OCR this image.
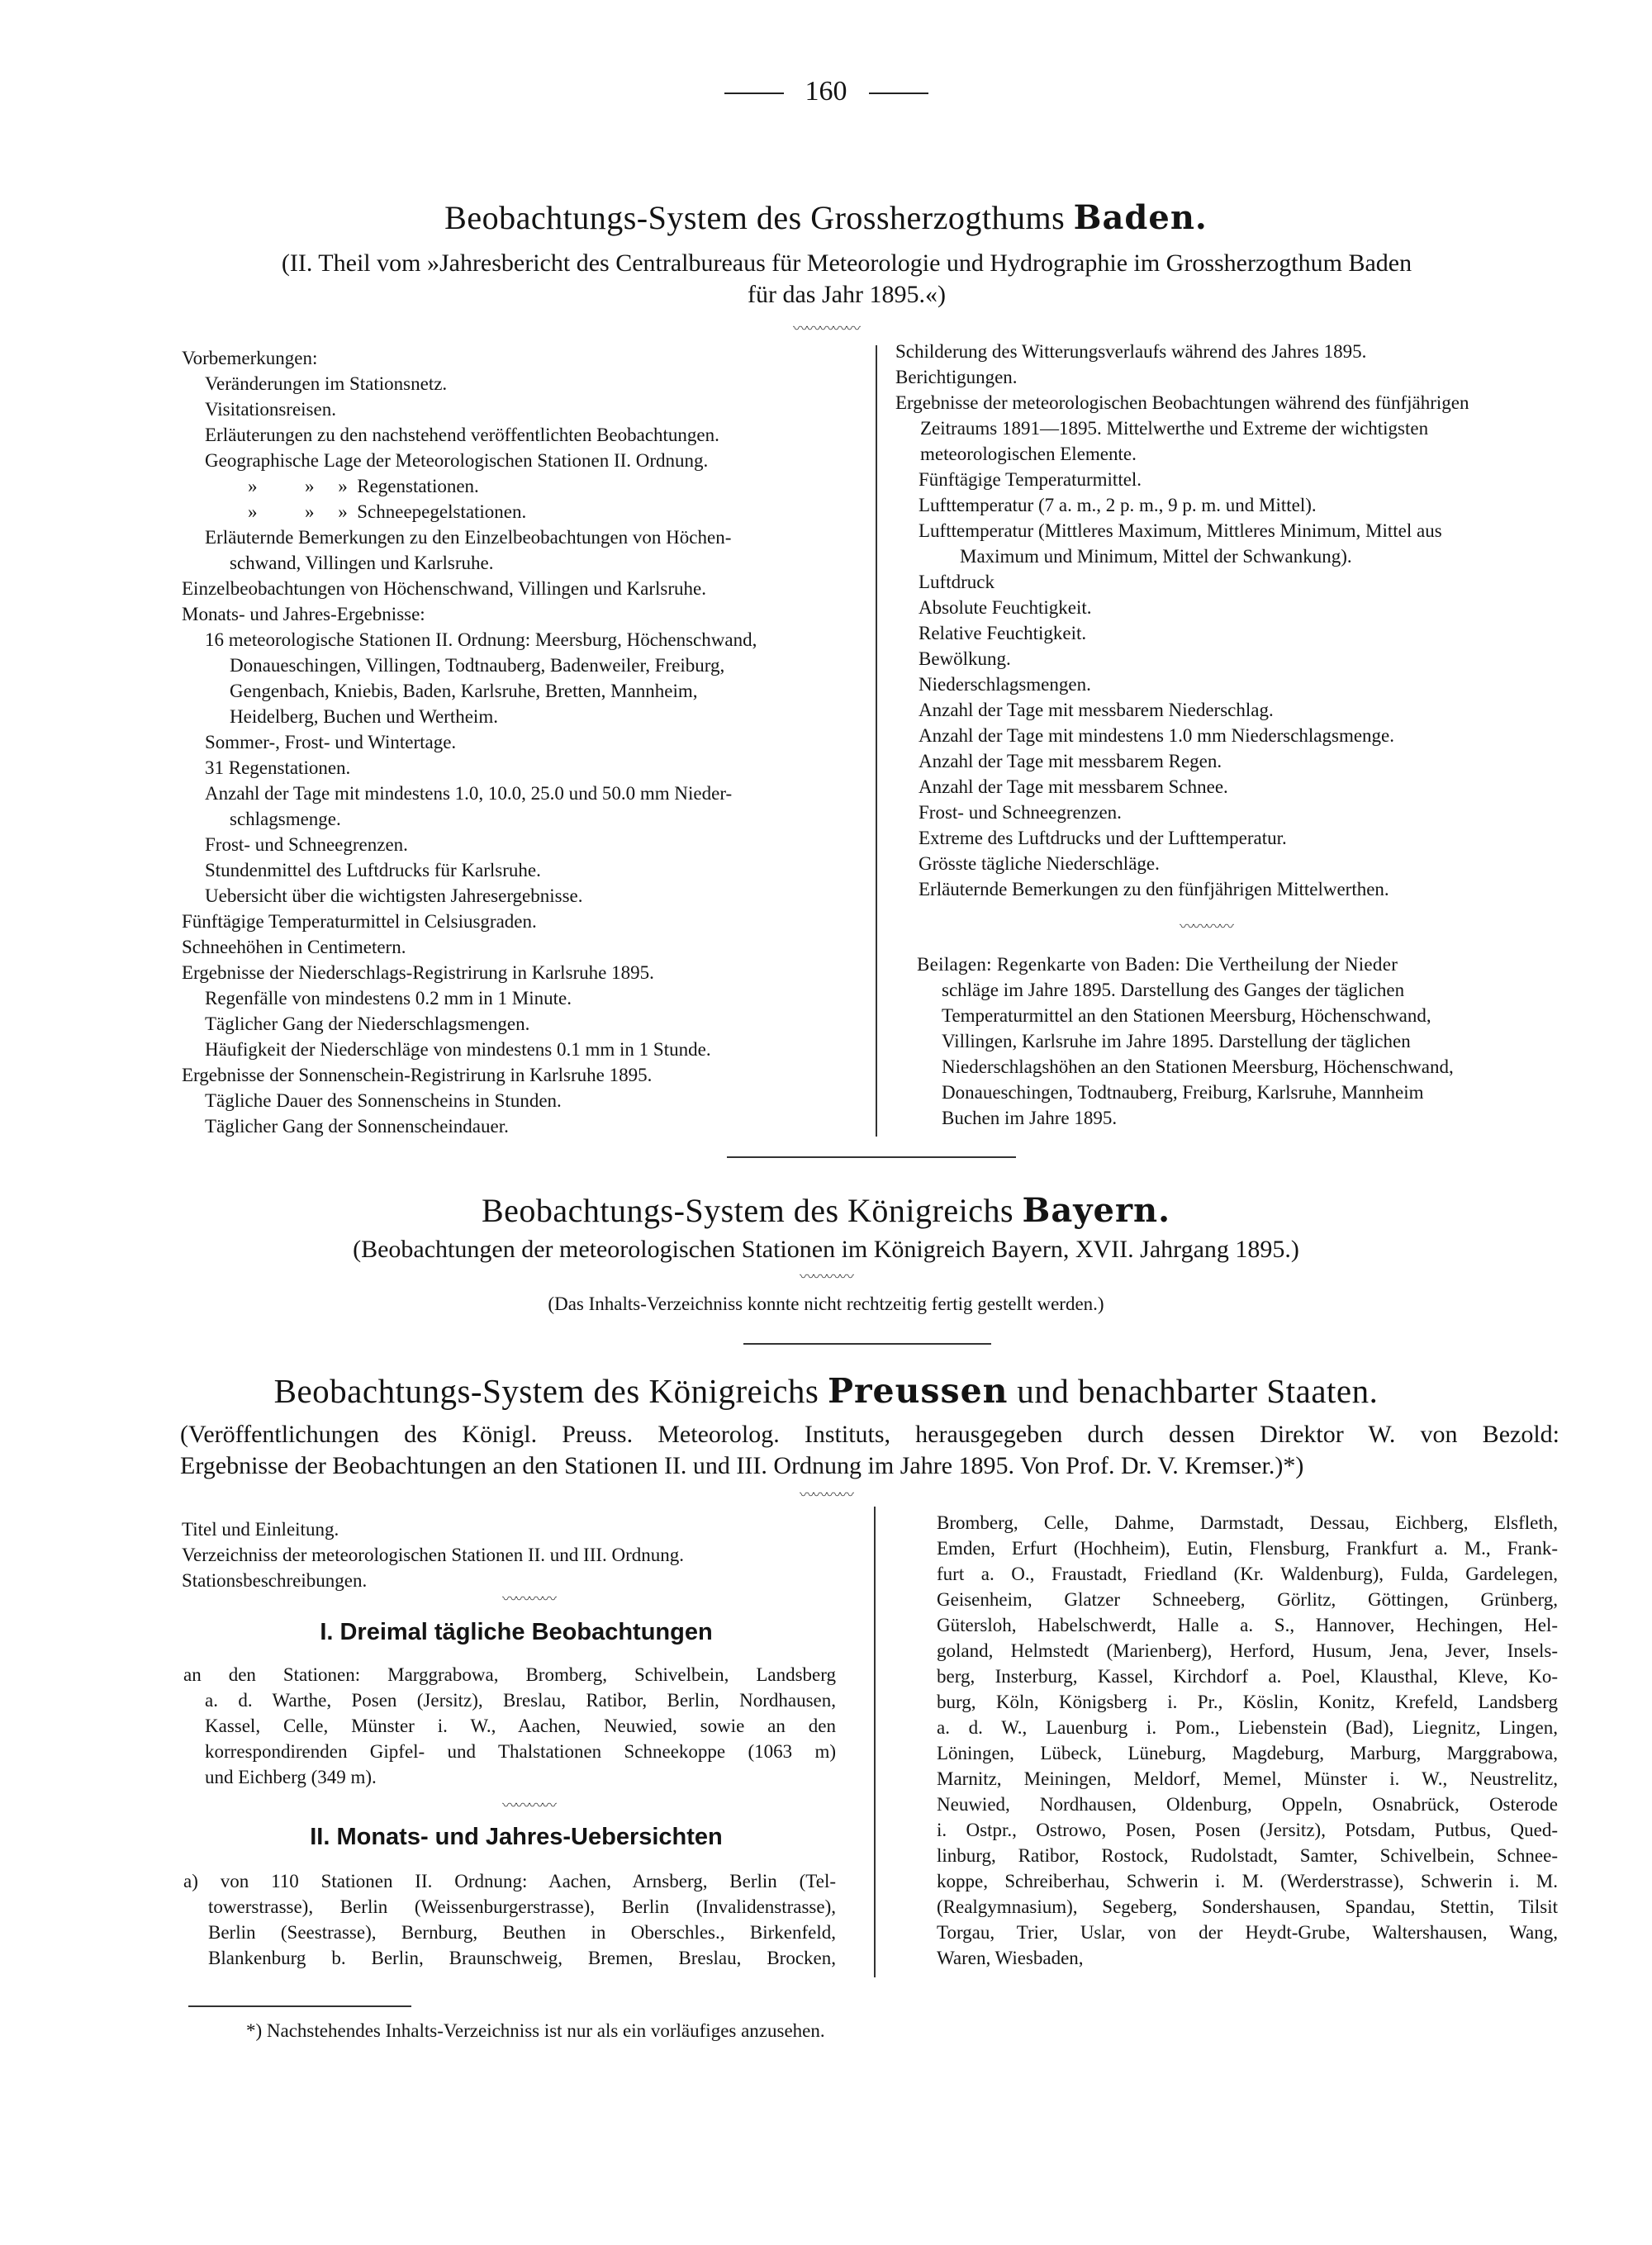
160
Beobachtungs-System des Grossherzogthums Baden.
(II. Theil vom »Jahresbericht des Centralbureaus für Meteorologie und Hydrographie im Grossherzogthum Baden
für das Jahr 1895.«)
〰〰〰〰〰
Vorbemerkungen:
Veränderungen im Stationsnetz.
Visitationsreisen.
Erläuterungen zu den nachstehend veröffentlichten Beobachtungen.
Geographische Lage der Meteorologischen Stationen II. Ordnung.
»          »     »  Regenstationen.
»          »     »  Schneepegelstationen.
Erläuternde Bemerkungen zu den Einzelbeobachtungen von Höchen-
schwand, Villingen und Karlsruhe.
Einzelbeobachtungen von Höchenschwand, Villingen und Karlsruhe.
Monats- und Jahres-Ergebnisse:
16 meteorologische Stationen II. Ordnung: Meersburg, Höchenschwand,
Donaueschingen, Villingen, Todtnauberg, Badenweiler, Freiburg,
Gengenbach, Kniebis, Baden, Karlsruhe, Bretten, Mannheim,
Heidelberg, Buchen und Wertheim.
Sommer-, Frost- und Wintertage.
31 Regenstationen.
Anzahl der Tage mit mindestens 1.0, 10.0, 25.0 und 50.0 mm Nieder-
schlagsmenge.
Frost- und Schneegrenzen.
Stundenmittel des Luftdrucks für Karlsruhe.
Uebersicht über die wichtigsten Jahresergebnisse.
Fünftägige Temperaturmittel in Celsiusgraden.
Schneehöhen in Centimetern.
Ergebnisse der Niederschlags-Registrirung in Karlsruhe 1895.
Regenfälle von mindestens 0.2 mm in 1 Minute.
Täglicher Gang der Niederschlagsmengen.
Häufigkeit der Niederschläge von mindestens 0.1 mm in 1 Stunde.
Ergebnisse der Sonnenschein-Registrirung in Karlsruhe 1895.
Tägliche Dauer des Sonnenscheins in Stunden.
Täglicher Gang der Sonnenscheindauer.
Schilderung des Witterungsverlaufs während des Jahres 1895.
Berichtigungen.
Ergebnisse der meteorologischen Beobachtungen während des fünfjährigen
Zeitraums 1891—1895. Mittelwerthe und Extreme der wichtigsten
meteorologischen Elemente.
Fünftägige Temperaturmittel.
Lufttemperatur (7 a. m., 2 p. m., 9 p. m. und Mittel).
Lufttemperatur (Mittleres Maximum, Mittleres Minimum, Mittel aus
Maximum und Minimum, Mittel der Schwankung).
Luftdruck
Absolute Feuchtigkeit.
Relative Feuchtigkeit.
Bewölkung.
Niederschlagsmengen.
Anzahl der Tage mit messbarem Niederschlag.
Anzahl der Tage mit mindestens 1.0 mm Niederschlagsmenge.
Anzahl der Tage mit messbarem Regen.
Anzahl der Tage mit messbarem Schnee.
Frost- und Schneegrenzen.
Extreme des Luftdrucks und der Lufttemperatur.
Grösste tägliche Niederschläge.
Erläuternde Bemerkungen zu den fünfjährigen Mittelwerthen.
〰〰〰〰
Beilagen: Regenkarte von Baden: Die Vertheilung der Nieder
schläge im Jahre 1895. Darstellung des Ganges der täglichen
Temperaturmittel an den Stationen Meersburg, Höchenschwand,
Villingen, Karlsruhe im Jahre 1895. Darstellung der täglichen
Niederschlagshöhen an den Stationen Meersburg, Höchenschwand,
Donaueschingen, Todtnauberg, Freiburg, Karlsruhe, Mannheim
Buchen im Jahre 1895.
Beobachtungs-System des Königreichs Bayern.
(Beobachtungen der meteorologischen Stationen im Königreich Bayern, XVII. Jahrgang 1895.)
〰〰〰〰
(Das Inhalts-Verzeichniss konnte nicht rechtzeitig fertig gestellt werden.)
Beobachtungs-System des Königreichs Preussen und benachbarter Staaten.
(Veröffentlichungen des Königl. Preuss. Meteorolog. Instituts, herausgegeben durch dessen Direktor W. von Bezold:
Ergebnisse der Beobachtungen an den Stationen II. und III. Ordnung im Jahre 1895. Von Prof. Dr. V. Kremser.)*)
〰〰〰〰
Titel und Einleitung.
Verzeichniss der meteorologischen Stationen II. und III. Ordnung.
Stationsbeschreibungen.
〰〰〰〰
I. Dreimal tägliche Beobachtungen
an den Stationen: Marggrabowa, Bromberg, Schivelbein, Landsberg
a. d. Warthe, Posen (Jersitz), Breslau, Ratibor, Berlin, Nordhausen,
Kassel, Celle, Münster i. W., Aachen, Neuwied, sowie an den
korrespondirenden Gipfel- und Thalstationen Schneekoppe (1063 m)
und Eichberg (349 m).
〰〰〰〰
II. Monats- und Jahres-Uebersichten
a) von 110 Stationen II. Ordnung: Aachen, Arnsberg, Berlin (Tel-
towerstrasse), Berlin (Weissenburgerstrasse), Berlin (Invalidenstrasse),
Berlin (Seestrasse), Bernburg, Beuthen in Oberschles., Birkenfeld,
Blankenburg b. Berlin, Braunschweig, Bremen, Breslau, Brocken,
Bromberg, Celle, Dahme, Darmstadt, Dessau, Eichberg, Elsfleth,
Emden, Erfurt (Hochheim), Eutin, Flensburg, Frankfurt a. M., Frank-
furt a. O., Fraustadt, Friedland (Kr. Waldenburg), Fulda, Gardelegen,
Geisenheim, Glatzer Schneeberg, Görlitz, Göttingen, Grünberg,
Gütersloh, Habelschwerdt, Halle a. S., Hannover, Hechingen, Hel-
goland, Helmstedt (Marienberg), Herford, Husum, Jena, Jever, Insels-
berg, Insterburg, Kassel, Kirchdorf a. Poel, Klausthal, Kleve, Ko-
burg, Köln, Königsberg i. Pr., Köslin, Konitz, Krefeld, Landsberg
a. d. W., Lauenburg i. Pom., Liebenstein (Bad), Liegnitz, Lingen,
Löningen, Lübeck, Lüneburg, Magdeburg, Marburg, Marggrabowa,
Marnitz, Meiningen, Meldorf, Memel, Münster i. W., Neustrelitz,
Neuwied, Nordhausen, Oldenburg, Oppeln, Osnabrück, Osterode
i. Ostpr., Ostrowo, Posen, Posen (Jersitz), Potsdam, Putbus, Qued-
linburg, Ratibor, Rostock, Rudolstadt, Samter, Schivelbein, Schnee-
koppe, Schreiberhau, Schwerin i. M. (Werderstrasse), Schwerin i. M.
(Realgymnasium), Segeberg, Sondershausen, Spandau, Stettin, Tilsit
Torgau, Trier, Uslar, von der Heydt-Grube, Waltershausen, Wang,
Waren, Wiesbaden,
*) Nachstehendes Inhalts-Verzeichniss ist nur als ein vorläufiges anzusehen.
